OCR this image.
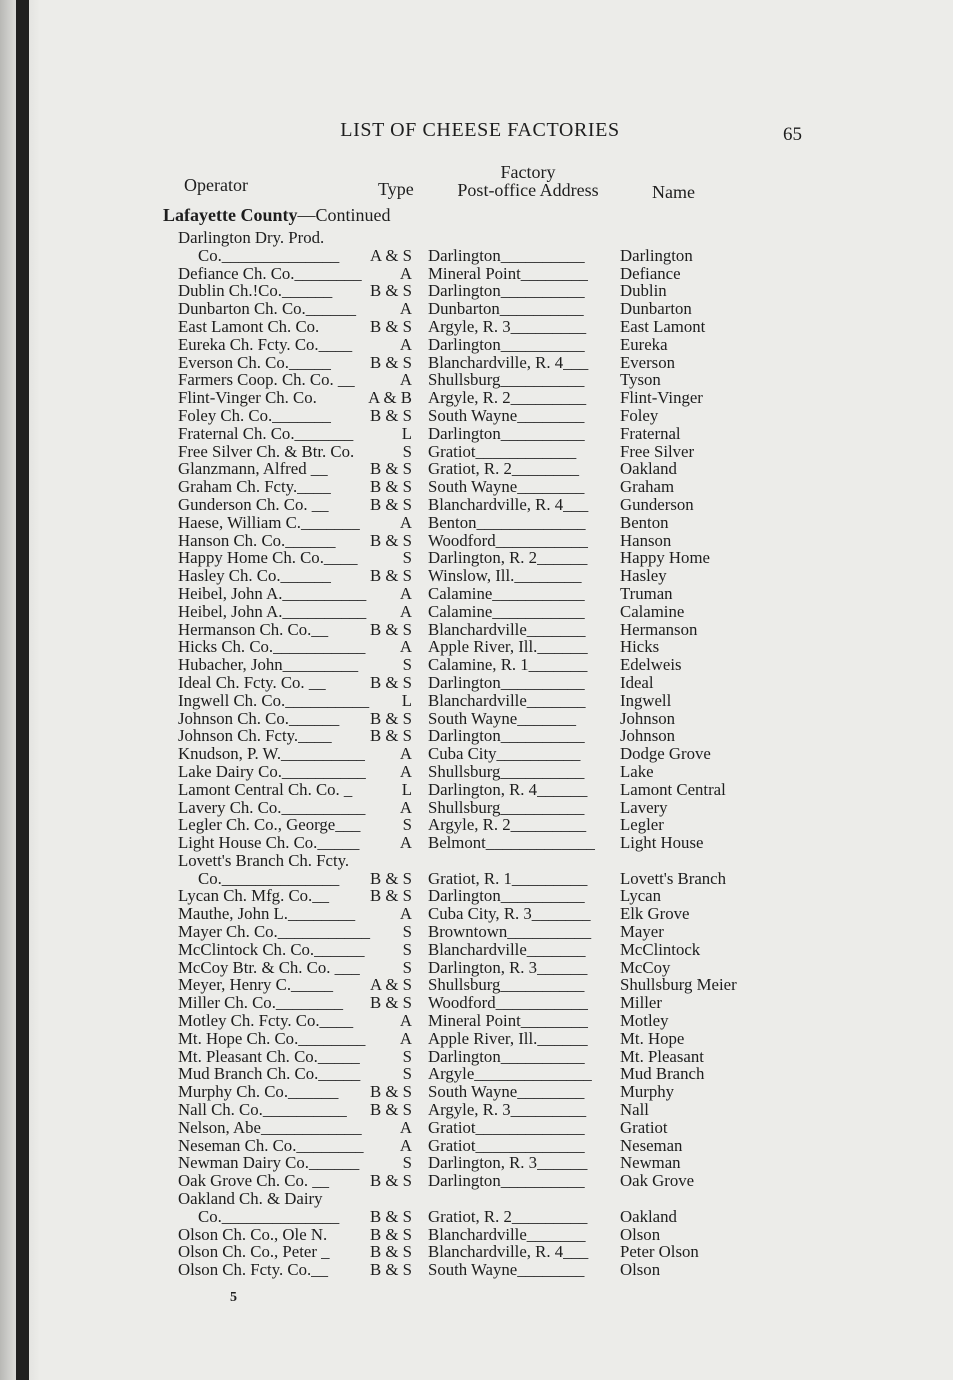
LIST OF CHEESE FACTORIES	65
Operator	Type
Factory
Post-office Address	Name
Lafayette County—Continued
Darlington Dry. Prod.
Co.______________	A & S Darlington__________ Darlington
Defiance Ch. Co.________	A Mineral Point________ Defiance
Dublin Ch.!Co.______	B & S Darlington__________ Dublin
Dunbarton Ch. Co.______	A Dunbarton__________ Dunbarton
East Lamont Ch. Co.	B & S Argyle, R. 3_________ East Lamont
Eureka Ch. Fcty. Co.____	A Darlington__________ Eureka
Everson Ch. Co._____	B & S Blanchardville, R. 4___ Everson
Farmers Coop. Ch. Co. __	A Shullsburg__________ Tyson
Flint-Vinger Ch. Co.	A & B Argyle, R. 2_________ Flint-Vinger
Foley Ch. Co._______	B & S South Wayne________ Foley
Fraternal Ch. Co._______	L Darlington__________ Fraternal
Free Silver Ch. & Btr. Co.	S Gratiot____________	Free Silver
Glanzmann, Alfred __	B & S Gratiot, R. 2________ Oakland
Graham Ch. Fcty.____	B & S South Wayne________ Graham
Gunderson Ch. Co. __	B & S Blanchardville, R. 4___ Gunderson
Haese, William C._______	A Benton_____________ Benton
Hanson Ch. Co.______	B & S Woodford___________ Hanson
Happy Home Ch. Co.____	S Darlington, R. 2______ Happy Home
Hasley Ch. Co.______	B & S Winslow, Ill.________ Hasley
Heibel, John A.__________	A Calamine___________ Truman
Heibel, John A.__________	A Calamine___________ Calamine
Hermanson Ch. Co.__	B & S Blanchardville_______ Hermanson
Hicks Ch. Co.___________	A Apple River, Ill.______ Hicks
Hubacher, John_________	S Calamine, R. 1_______ Edelweis
Ideal Ch. Fcty. Co. __	B & S Darlington__________ Ideal
Ingwell Ch. Co.__________	L Blanchardville_______ Ingwell
Johnson Ch. Co.______	B & S South Wayne_______	Johnson
Johnson Ch. Fcty.____	B & S Darlington__________ Johnson
Knudson, P. W.__________	A Cuba City__________ Dodge Grove
Lake Dairy Co.__________	A Shullsburg__________ Lake
Lamont Central Ch. Co. _	L Darlington, R. 4______ Lamont Central
Lavery Ch. Co.__________	A Shullsburg__________ Lavery
Legler Ch. Co., George___	S Argyle, R. 2_________ Legler
Light House Ch. Co._____	A Belmont_____________ Light House
Lovett's Branch Ch. Fcty.
Co.______________	B & S Gratiot, R. 1_________ Lovett's Branch
Lycan Ch. Mfg. Co.__	B & S Darlington__________ Lycan
Mauthe, John L.________	A Cuba City, R. 3_______ Elk Grove
Mayer Ch. Co.___________	S Browntown__________ Mayer
McClintock Ch. Co.______	S Blanchardville_______ McClintock
McCoy Btr. & Ch. Co. ___	S Darlington, R. 3______ McCoy
Meyer, Henry C._____	A & S Shullsburg__________ Shullsburg Meier
Miller Ch. Co.________	B & S Woodford___________ Miller
Motley Ch. Fcty. Co.____	A Mineral Point________ Motley
Mt. Hope Ch. Co.________	A Apple River, Ill.______ Mt. Hope
Mt. Pleasant Ch. Co._____	S Darlington__________ Mt. Pleasant
Mud Branch Ch. Co._____	S Argyle______________ Mud Branch
Murphy Ch. Co.______	B & S South Wayne________ Murphy
Nall Ch. Co.__________	B & S Argyle, R. 3_________ Nall
Nelson, Abe____________	A Gratiot_____________ Gratiot
Neseman Ch. Co.________	A Gratiot_____________ Neseman
Newman Dairy Co.______	S Darlington, R. 3______ Newman
Oak Grove Ch. Co. __	B & S Darlington__________ Oak Grove
Oakland Ch. & Dairy
Co.______________	B & S Gratiot, R. 2_________ Oakland
Olson Ch. Co., Ole N.	B & S Blanchardville_______ Olson
Olson Ch. Co., Peter _	B & S Blanchardville, R. 4___ Peter Olson
Olson Ch. Fcty. Co.__	B & S South Wayne________ Olson
5
